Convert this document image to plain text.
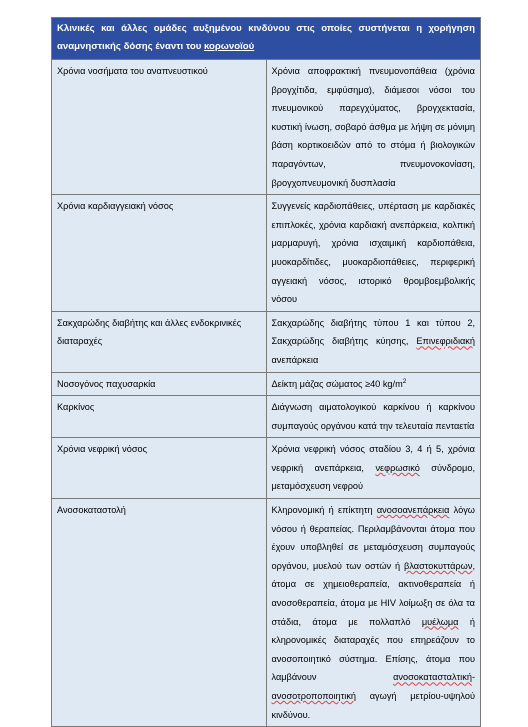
Κλινικές και άλλες ομάδες αυξημένου κινδύνου στις οποίες συστήνεται η χορήγηση αναμνηστικής δόσης έναντι του κορωνοϊού	
Χρόνια νοσήματα του αναπνευστικού	Χρόνια αποφρακτική πνευμονοπάθεια (χρόνια βρογχίτιδα, εμφύσημα), διάμεσοι νόσοι του πνευμονικού παρεγχύματος, βρογχεκτασία, κυστική ίνωση, σοβαρό άσθμα με λήψη σε μόνιμη βάση κορτικοειδών από το στόμα ή βιολογικών παραγόντων, πνευμονοκονίαση, βρογχοπνευμονική δυσπλασία
Χρόνια καρδιαγγειακή νόσος	Συγγενείς καρδιοπάθειες, υπέρταση με καρδιακές επιπλοκές, χρόνια καρδιακή ανεπάρκεια, κολπική μαρμαρυγή, χρόνια ισχαιμική καρδιοπάθεια, μυοκαρδίτιδες, μυοκαρδιοπάθειες, περιφερική αγγειακή νόσος, ιστορικό θρομβοεμβολικής νόσου
Σακχαρώδης διαβήτης και άλλες ενδοκρινικές διαταραχές	Σακχαρώδης διαβήτης τύπου 1 και τύπου 2, Σακχαρώδης διαβήτης κύησης, Επινεφριδιακή ανεπάρκεια
Νοσογόνος παχυσαρκία	Δείκτη μάζας σώματος ≥40 $kg/m^2$
Καρκίνος	Διάγνωση αιματολογικού καρκίνου ή καρκίνου συμπαγούς οργάνου κατά την τελευταία πενταετία
Χρόνια νεφρική νόσος	Χρόνια νεφρική νόσος σταδίου 3, 4 ή 5, χρόνια νεφρική ανεπάρκεια, νεφρωσικό σύνδρομο, μεταμόσχευση νεφρού
Ανοσοκαταστολή	Κληρονομική ή επίκτητη ανοσοανεπάρκεια λόγω νόσου ή θεραπείας. Περιλαμβάνονται άτομα που έχουν υποβληθεί σε μεταμόσχευση συμπαγούς οργάνου, μυελού των οστών ή βλαστοκυττάρων, άτομα σε χημειοθεραπεία, ακτινοθεραπεία ή ανοσοθεραπεία, άτομα με HIV λοίμωξη σε όλα τα στάδια, άτομα με πολλαπλό μυέλωμα ή κληρονομικές διαταραχές που επηρεάζουν το ανοσοποιητικό σύστημα. Επίσης, άτομα που λαμβάνουν ανοσοκατασταλτική- ανοσοτροποποιητική αγωγή μετρίου-υψηλού κινδύνου.
